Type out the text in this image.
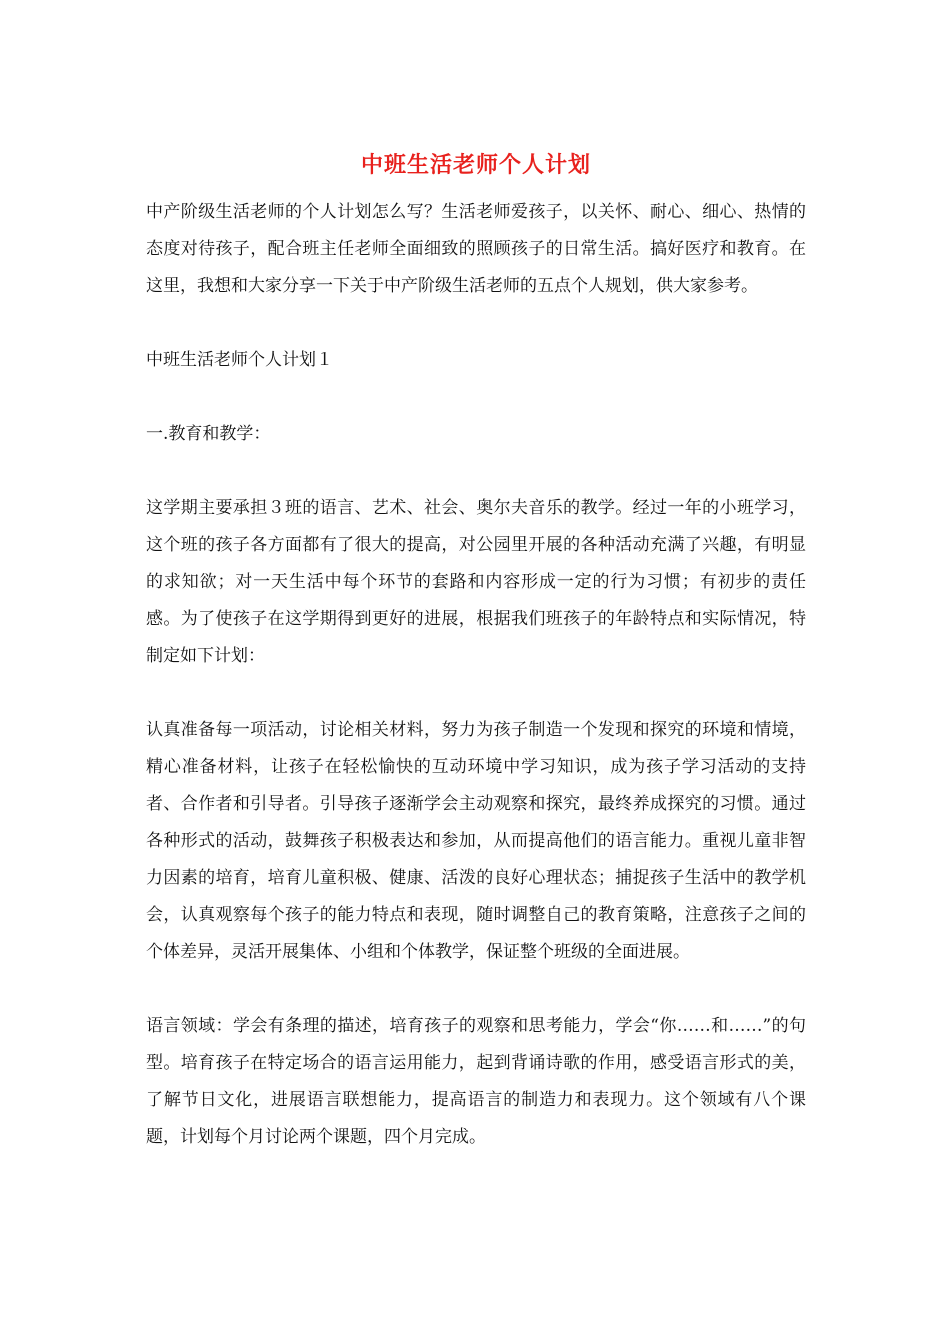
中班生活老师个人计划

中产阶级生活老师的个人计划怎么写？生活老师爱孩子，以关怀、耐心、细心、热情的态度对待孩子，配合班主任老师全面细致的照顾孩子的日常生活。搞好医疗和教育。在这里，我想和大家分享一下关于中产阶级生活老师的五点个人规划，供大家参考。

中班生活老师个人计划１

一.教育和教学：

这学期主要承担３班的语言、艺术、社会、奥尔夫音乐的教学。经过一年的小班学习，这个班的孩子各方面都有了很大的提高，对公园里开展的各种活动充满了兴趣，有明显的求知欲；对一天生活中每个环节的套路和内容形成一定的行为习惯；有初步的责任感。为了使孩子在这学期得到更好的进展，根据我们班孩子的年龄特点和实际情况，特制定如下计划：

认真准备每一项活动，讨论相关材料，努力为孩子制造一个发现和探究的环境和情境，精心准备材料，让孩子在轻松愉快的互动环境中学习知识，成为孩子学习活动的支持者、合作者和引导者。引导孩子逐渐学会主动观察和探究，最终养成探究的习惯。通过各种形式的活动，鼓舞孩子积极表达和参加，从而提高他们的语言能力。重视儿童非智力因素的培育，培育儿童积极、健康、活泼的良好心理状态；捕捉孩子生活中的教学机会，认真观察每个孩子的能力特点和表现，随时调整自己的教育策略，注意孩子之间的个体差异，灵活开展集体、小组和个体教学，保证整个班级的全面进展。

语言领域：学会有条理的描述，培育孩子的观察和思考能力，学会“你……和……”的句型。培育孩子在特定场合的语言运用能力，起到背诵诗歌的作用，感受语言形式的美，了解节日文化，进展语言联想能力，提高语言的制造力和表现力。这个领域有八个课题，计划每个月讨论两个课题，四个月完成。
